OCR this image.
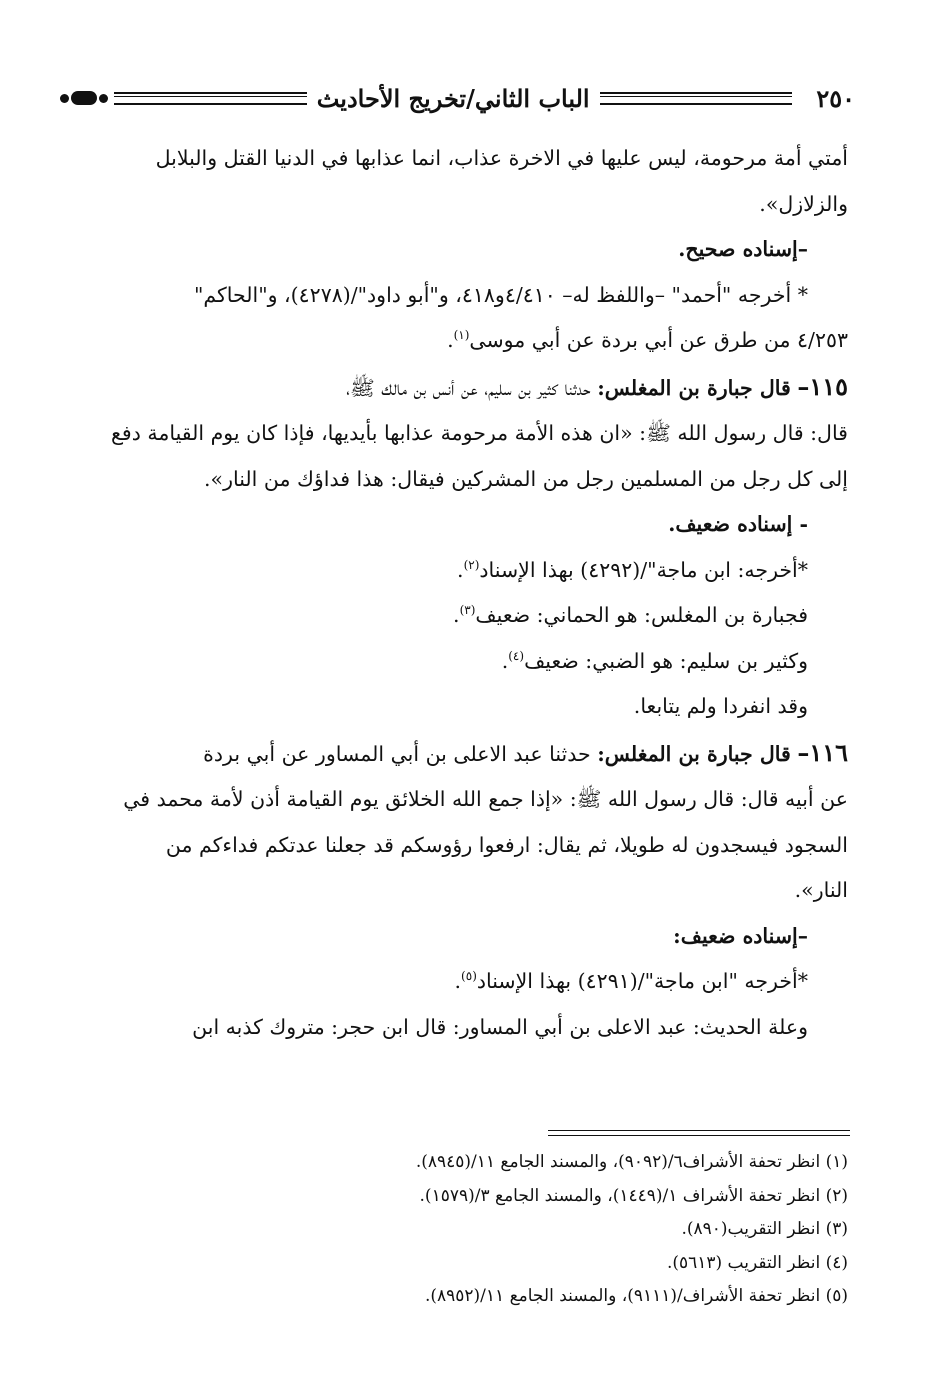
الباب الثاني/تخريج الأحاديث	٢٥٠

أمتي أمة مرحومة، ليس عليها في الاخرة عذاب، انما عذابها في الدنيا القتل والبلابل

والزلازل».

–إسناده صحيح.

* أخرجه "أحمد" –واللفظ له– ٤/٤١٠و٤١٨، و"أبو داود"/(٤٢٧٨)، و"الحاكم"

٤/٢٥٣ من طرق عن أبي بردة عن أبي موسى$^{(١)}$.

١١٥– قال جبارة بن المغلس: حدثنا كثير بن سليم، عن أنس بن مالك ﷺ،

قال: قال رسول الله ﷺ: «ان هذه الأمة مرحومة عذابها بأيديها، فإذا كان يوم القيامة دفع

إلى كل رجل من المسلمين رجل من المشركين فيقال: هذا فداؤك من النار».

- إسناده ضعيف.

*أخرجه: ابن ماجة"/(٤٢٩٢) بهذا الإسناد$^{(٢)}$.

فجبارة بن المغلس: هو الحماني: ضعيف$^{(٣)}$.

وكثير بن سليم: هو الضبي: ضعيف$^{(٤)}$.

وقد انفردا ولم يتابعا.

١١٦– قال جبارة بن المغلس: حدثنا عبد الاعلى بن أبي المساور عن أبي بردة

عن أبيه قال: قال رسول الله ﷺ: «إذا جمع الله الخلائق يوم القيامة أذن لأمة محمد في

السجود فيسجدون له طويلا، ثم يقال: ارفعوا رؤوسكم قد جعلنا عدتكم فداءكم من

النار».

–إسناده ضعيف:

*أخرجه "ابن ماجة"/(٤٢٩١) بهذا الإسناد$^{(٥)}$.

وعلة الحديث: عبد الاعلى بن أبي المساور: قال ابن حجر: متروك كذبه ابن

(١) انظر تحفة الأشراف٦/(٩٠٩٢)، والمسند الجامع ١١/(٨٩٤٥).

(٢) انظر تحفة الأشراف ١/(١٤٤٩)، والمسند الجامع ٣/(١٥٧٩).

(٣) انظر التقريب(٨٩٠).

(٤) انظر التقريب (٥٦١٣).

(٥) انظر تحفة الأشراف/(٩١١١)، والمسند الجامع ١١/(٨٩٥٢).
